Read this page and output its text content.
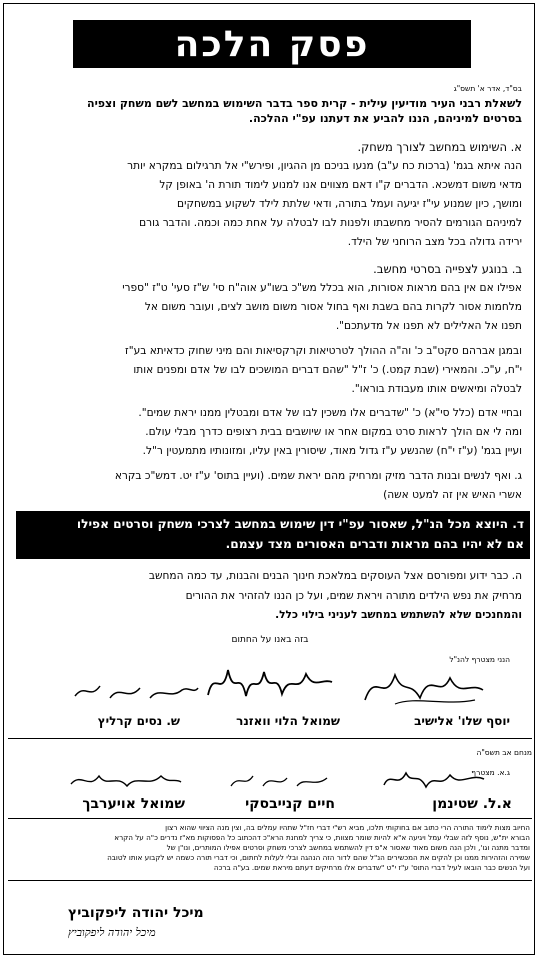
פסק הלכה
בס"ד, אדר א' תשס"ג
לשאלת רבני העיר מודיעין עילית - קרית ספר בדבר השימוש במחשב לשם משחק וצפיה
בסרטים למיניהם, הננו להביע את דעתנו עפ"י ההלכה.
א. השימוש במחשב לצורך משחק.
הנה איתא בגמ' (ברכות כח ע"ב) מנעו בניכם מן ההגיון, ופירש"י אל תרגילום במקרא יותר
מדאי משום דמשכא. הדברים ק"ו דאם מצווים אנו למנוע לימוד תורת ה' באופן קל
ומושך, כיון שמנוע עי"ז יגיעה ועמל בתורה, ודאי שלתת לילד לשקוע במשחקים
למיניהם הגורמים להסיר מחשבתו ולפנות לבו לבטלה על אחת כמה וכמה. והדבר גורם
ירידה גדולה בכל מצב הרוחני של הילד.
ב. בנוגע לצפייה בסרטי מחשב.
אפילו אם אין בהם מראות אסורות, הוא בכלל מש"כ בשו"ע אוה"ח סי' ש"ז סעי' ט"ז "ספרי
מלחמות אסור לקרות בהם בשבת ואף בחול אסור משום מושב לצים, ועובר משום אל
תפנו אל האלילים לא תפנו אל מדעתכם".
ובמגן אברהם סקט"ב כ' וה"ה ההולך לטרטיאות וקרקסיאות והם מיני שחוק כדאיתא בע"ז
י"ח, ע"כ. והמאירי (שבת קמט.) כ' ז"ל "שהם דברים המושכים לבו של אדם ומפנים אותו
לבטלה ומיאשים אותו מעבודת בוראו".
ובחיי אדם (כלל סי"א) כ' "שדברים אלו משכין לבו של אדם ומבטלין ממנו יראת שמים".
ומה לי אם הולך לראות סרט במקום אחר או שיושבים בבית רצופים כדרך מבלי עולם.
ועיין בגמ' (ע"ז י"ח) שהנשע ע"ז גדול מאוד, שיסורין באין עליו, ומזונותיו מתמעטין ר"ל.
ג. ואף לנשים ובנות הדבר מזיק ומרחיק מהם יראת שמים. (ועיין בתוס' ע"ז יט. דמש"כ בקרא
אשרי האיש אין זה למעט אשה)
ד. היוצא מכל הנ"ל, שאסור עפ"י דין שימוש במחשב לצרכי משחק וסרטים אפילו
אם לא יהיו בהם מראות ודברים האסורים מצד עצמם.
ה. כבר ידוע ומפורסם אצל העוסקים במלאכת חינוך הבנים והבנות, עד כמה המחשב
מרחיק את נפש הילדים מתורה ויראת שמים, ועל כן הננו להזהיר את ההורים
והמחנכים שלא להשתמש במחשב לעניני בילוי כלל.
בזה באנו על החתום
הנני מצטרף להנ"ל
יוסף שלו' אלישיב
שמואל הלוי וואזנר
ש. נסים קרליץ
מנחם אב תשס"ה
ג.א. מצטרף
א.ל. שטינמן
חיים קנייבסקי
שמואל אויערבך
החיוב מצות לימוד התורה הרי כתוב אם בחוקותי תלכו, מביא רש"י דברי חז"ל שתהיו עמלים בה, וצין מנה הציווי שהוא רצון
הבורא ית"ש, נוסף לזה שבלי עמל ויגיעה א"א להיות שומר מצוות, כי צריך למחנת הרא"כ דהכתוב כל הפסוקות מא"ז נדרים כ"ה על הקרא
ומדבר מתנה וגו', ולכן הנה משום מאוד שאסור א"פ דין להשתמש במחשב לצרכי משחק וסרטים אפילו המותרים, ונו"ן של
שמירה והזהירות ממנו וכן להקים את המכשירים הנ"ל שהם לדור הזה הנהגה ובלי לעלות לחתום, וכי דברי תורה כשמה יש לקבוע אותו לטובה
ועל הנשים כבר הובאו לעיל דברי התוס' ע"ז י"ט "שדברים אלו מרחיקים דעתם מיראת שמים. בע"ה ברכה
מיכל יהודה ליפקוביץ
מיכל יהודה ליפקוביץ
